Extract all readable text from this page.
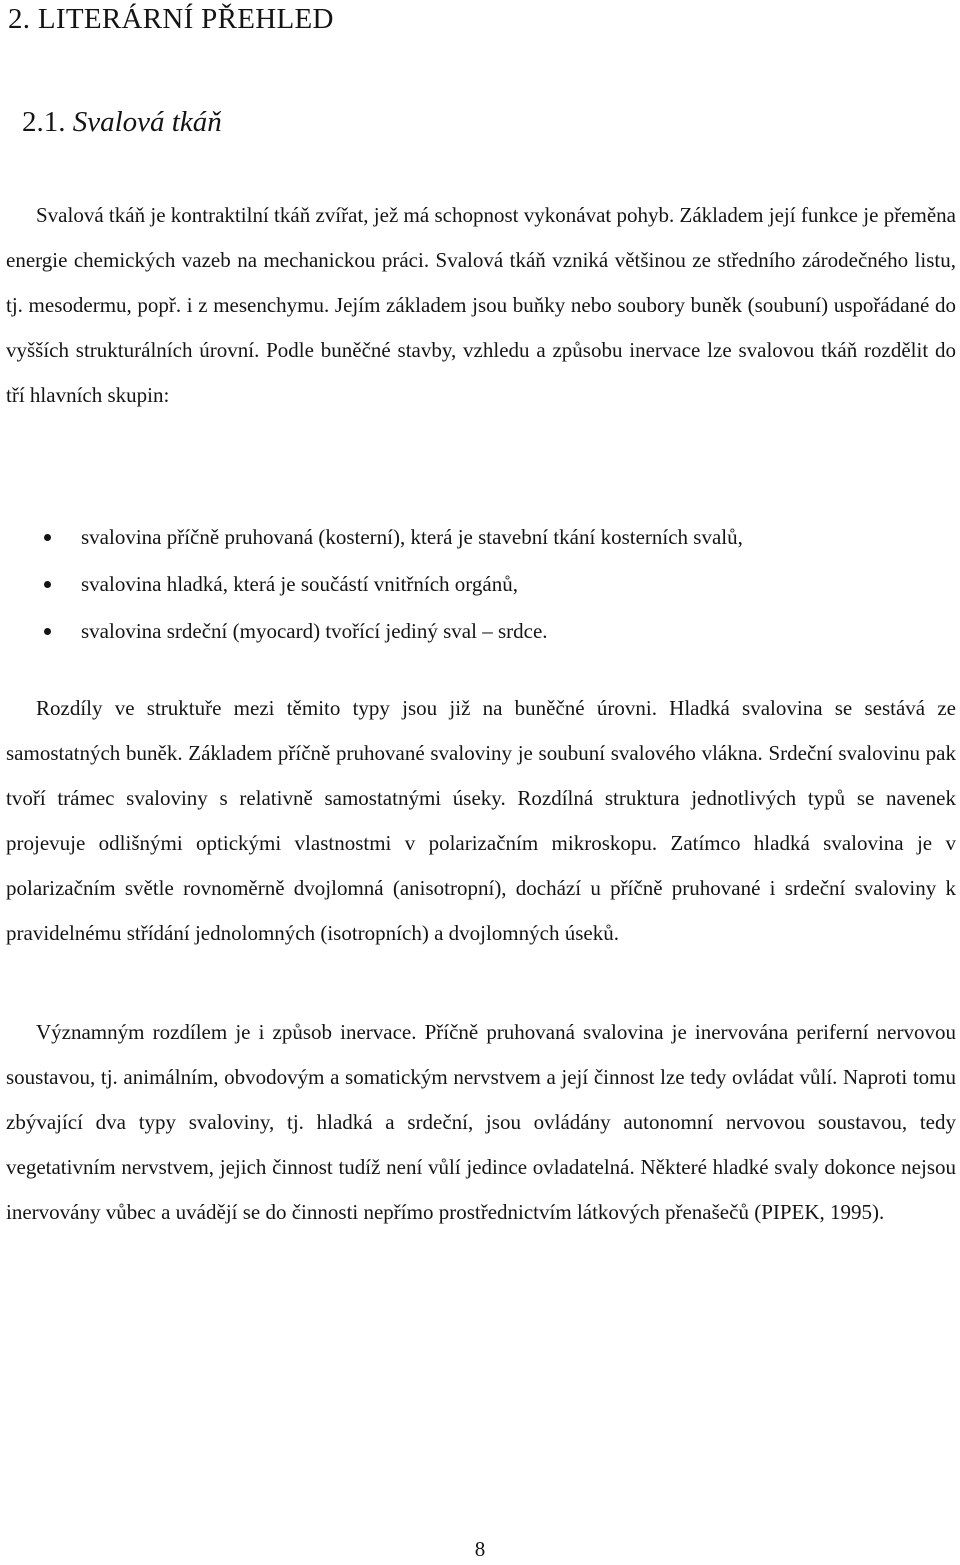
2. LITERÁRNÍ PŘEHLED
2.1. Svalová tkáň

Svalová tkáň je kontraktilní tkáň zvířat, jež má schopnost vykonávat pohyb. Základem její funkce je přeměna energie chemických vazeb na mechanickou práci. Svalová tkáň vzniká většinou ze středního zárodečného listu, tj. mesodermu, popř. i z mesenchymu. Jejím základem jsou buňky nebo soubory buněk (soubuní) uspořádané do vyšších strukturálních úrovní. Podle buněčné stavby, vzhledu a způsobu inervace lze svalovou tkáň rozdělit do tří hlavních skupin:

svalovina příčně pruhovaná (kosterní), která je stavební tkání kosterních svalů,
svalovina hladká, která je součástí vnitřních orgánů,
svalovina srdeční (myocard) tvořící jediný sval – srdce.

Rozdíly ve struktuře mezi těmito typy jsou již na buněčné úrovni. Hladká svalovina se sestává ze samostatných buněk. Základem příčně pruhované svaloviny je soubuní svalového vlákna. Srdeční svalovinu pak tvoří trámec svaloviny s relativně samostatnými úseky. Rozdílná struktura jednotlivých typů se navenek projevuje odlišnými optickými vlastnostmi v polarizačním mikroskopu. Zatímco hladká svalovina je v polarizačním světle rovnoměrně dvojlomná (anisotropní), dochází u příčně pruhované i srdeční svaloviny k pravidelnému střídání jednolomných (isotropních) a dvojlomných úseků.

Významným rozdílem je i způsob inervace. Příčně pruhovaná svalovina je inervována periferní nervovou soustavou, tj. animálním, obvodovým a somatickým nervstvem a její činnost lze tedy ovládat vůlí. Naproti tomu zbývající dva typy svaloviny, tj. hladká a srdeční, jsou ovládány autonomní nervovou soustavou, tedy vegetativním nervstvem, jejich činnost tudíž není vůlí jedince ovladatelná. Některé hladké svaly dokonce nejsou inervovány vůbec a uvádějí se do činnosti nepřímo prostřednictvím látkových přenašečů (PIPEK, 1995).

8
